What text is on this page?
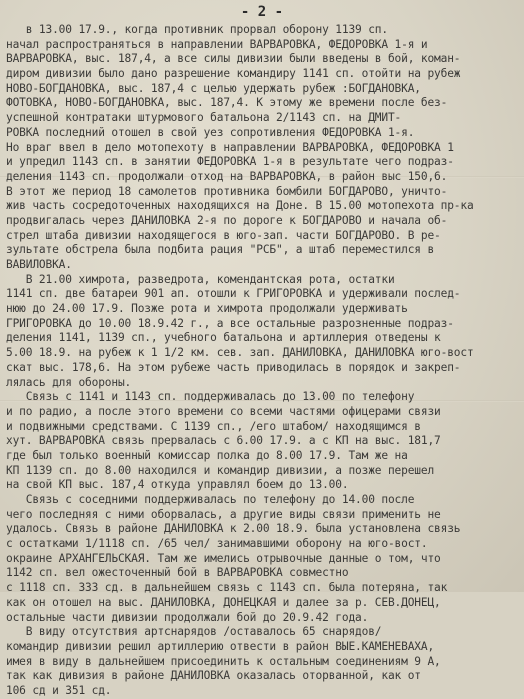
- 2 -
в 13.00 17.9., когда противник прорвал оборону 1139 сп.
начал распространяться в направлении ВАРВАРОВКА, ФЕДОРОВКА 1-я и
ВАРВАРОВКА, выс. 187,4, а все силы дивизии были введены в бой, коман-
диром дивизии было дано разрешение командиру 1141 сп. отойти на рубеж
НОВО-БОГДАНОВКА, выс. 187,4 с целью удержать рубеж :БОГДАНОВКА,
ФОТОВКА, НОВО-БОГДАНОВКА, выс. 187,4. К этому же времени после без-
успешной контратаки штурмового батальона 2/1143 сп. на ДМИТ-
РОВКА последний отошел в свой уез сопротивления ФЕДОРОВКА 1-я.
Но враг ввел в дело мотопехоту в направлении ВАРВАРОВКА, ФЕДОРОВКА 1
и упредил 1143 сп. в занятии ФЕДОРОВКА 1-я в результате чего подраз-
деления 1143 сп. продолжали отход на ВАРВАРОВКА, в район выс 150,6.
В этот же период 18 самолетов противника бомбили БОГДАРОВО, уничто-
жив часть сосредоточенных находящихся на Доне. В 15.00 мотопехота пр-ка
продвигалась через ДАНИЛОВКА 2-я по дороге к БОГДАРОВО и начала об-
стрел штаба дивизии находящегося в юго-зап. части БОГДАРОВО. В ре-
зультате обстрела была подбита рация "РСБ", а штаб переместился в
ВАВИЛОВКА.
В 21.00 химрота, разведрота, комендантская рота, остатки
1141 сп. две батареи 901 ап. отошли к ГРИГОРОВКА и удерживали послед-
нюю до 24.00 17.9. Позже рота и химрота продолжали удерживать
ГРИГОРОВКА до 10.00 18.9.42 г., а все остальные разрозненные подраз-
деления 1141, 1139 сп., учебного батальона и артиллерия отведены к
5.00 18.9. на рубеж к 1 1/2 км. сев. зап. ДАНИЛОВКА, ДАНИЛОВКА юго-вост
скат выс. 178,6. На этом рубеже часть приводилась в порядок и закреп-
лялась для обороны.
Связь с 1141 и 1143 сп. поддерживалась до 13.00 по телефону
и по радио, а после этого времени со всеми частями офицерами связи
и подвижными средствами. С 1139 сп., /его штабом/ находящимся в
хут. ВАРВАРОВКА связь прервалась с 6.00 17.9. а с КП на выс. 181,7
где был только военный комиссар полка до 8.00 17.9. Там же на
КП 1139 сп. до 8.00 находился и командир дивизии, а позже перешел
на свой КП выс. 187,4 откуда управлял боем до 13.00.
Связь с соседними поддерживалась по телефону до 14.00 после
чего последняя с ними оборвалась, а другие виды связи применить не
удалось. Связь в районе ДАНИЛОВКА к 2.00 18.9. была установлена связь
с остатками 1/1118 сп. /65 чел/ занимавшими оборону на юго-вост.
окраине АРХАНГЕЛЬСКАЯ. Там же имелись отрывочные данные о том, что
1142 сп. вел ожесточенный бой в ВАРВАРОВКА совместно
с 1118 сп. 333 сд. в дальнейшем связь с 1143 сп. была потеряна, так
как он отошел на выс. ДАНИЛОВКА, ДОНЕЦКАЯ и далее за р. СЕВ.ДОНЕЦ,
остальные части дивизии продолжали бой до 20.9.42 года.
В виду отсутствия артснарядов /оставалось 65 снарядов/
командир дивизии решил артиллерию отвести в район ВЫЕ.КАМЕНЕВАХА,
имея в виду в дальнейшем присоединить к остальным соединениям 9 А,
так как дивизия в районе ДАНИЛОВКА оказалась оторванной, как от
106 сд и 351 сд.
